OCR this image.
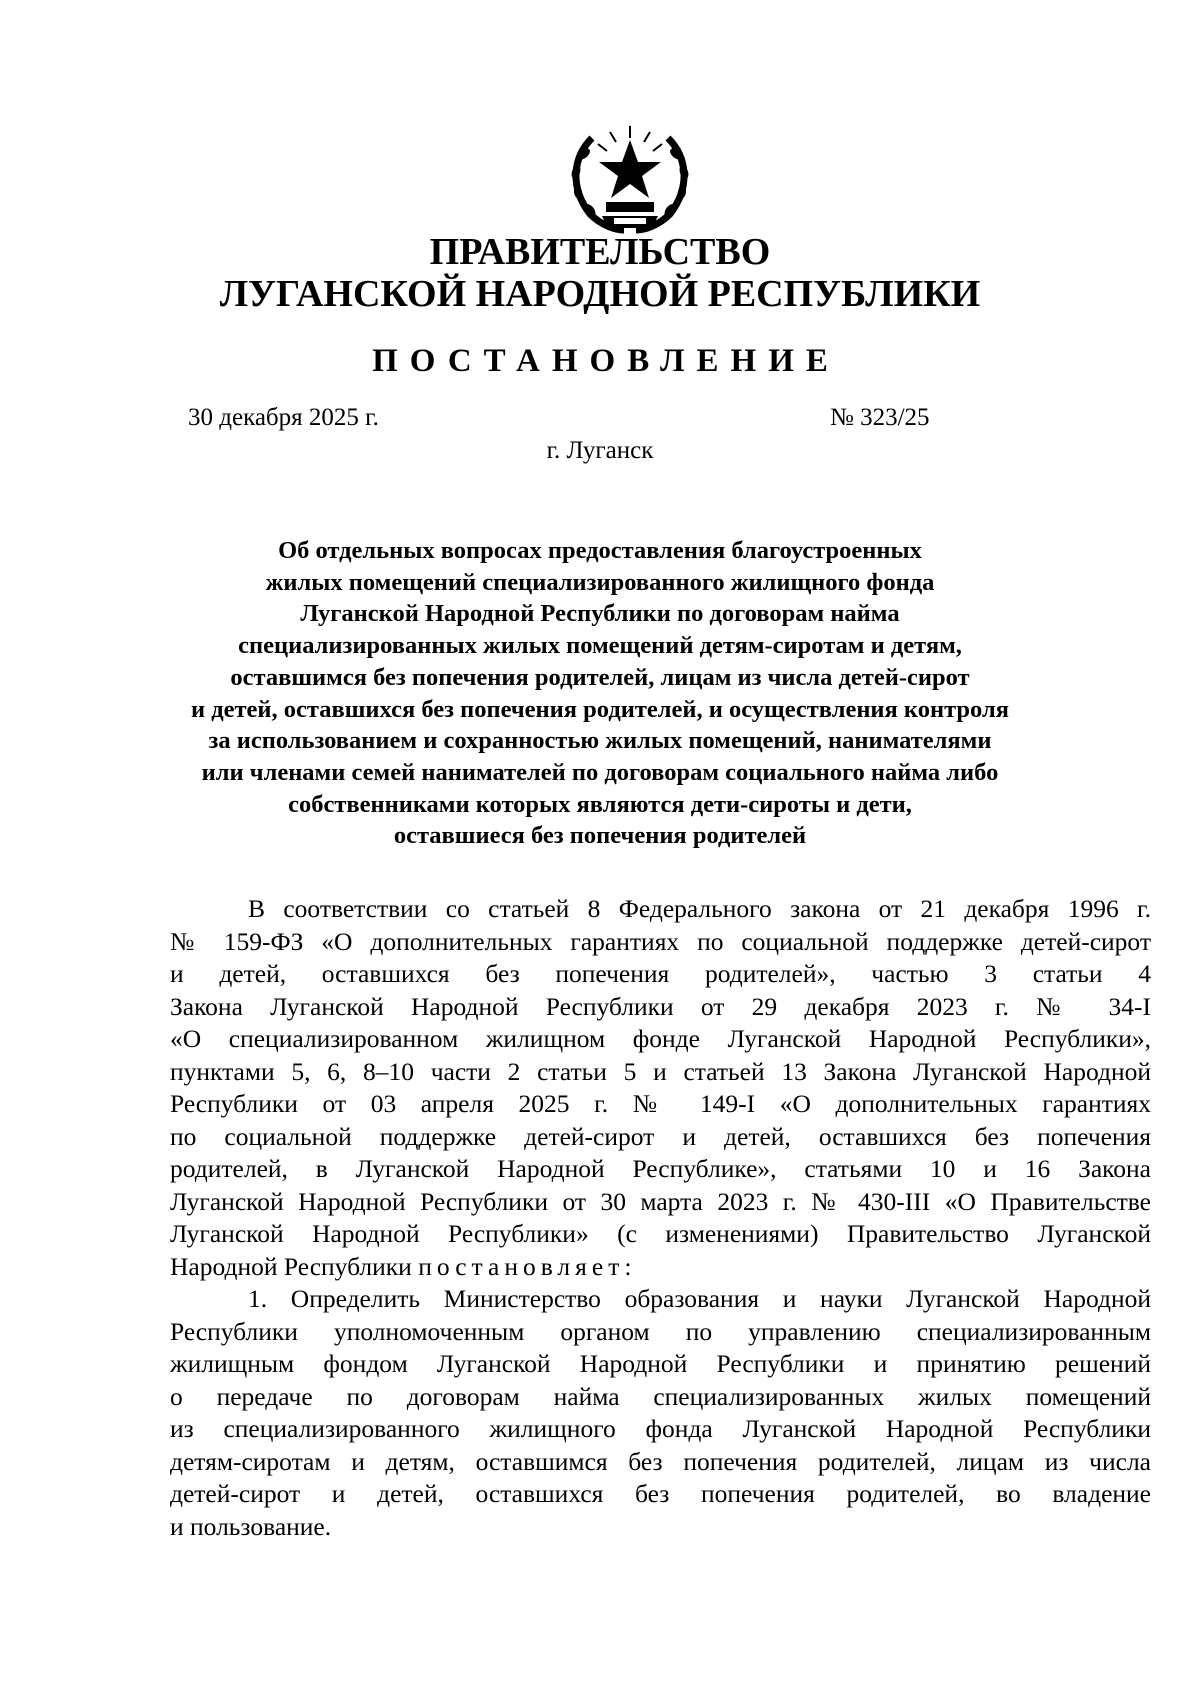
ПРАВИТЕЛЬСТВО
ЛУГАНСКОЙ НАРОДНОЙ РЕСПУБЛИКИ
ПОСТАНОВЛЕНИЕ
30 декабря 2025 г.	№ 323/25
г. Луганск
Об отдельных вопросах предоставления благоустроенных
жилых помещений специализированного жилищного фонда
Луганской Народной Республики по договорам найма
специализированных жилых помещений детям-сиротам и детям,
оставшимся без попечения родителей, лицам из числа детей-сирот
и детей, оставшихся без попечения родителей, и осуществления контроля
за использованием и сохранностью жилых помещений, нанимателями
или членами семей нанимателей по договорам социального найма либо
собственниками которых являются дети-сироты и дети,
оставшиеся без попечения родителей
В соответствии со статьей 8 Федерального закона от 21 декабря 1996 г.
№ 159-ФЗ «О дополнительных гарантиях по социальной поддержке детей-сирот
и детей, оставшихся без попечения родителей», частью 3 статьи 4
Закона Луганской Народной Республики от 29 декабря 2023 г. № 34-I
«О специализированном жилищном фонде Луганской Народной Республики»,
пунктами 5, 6, 8–10 части 2 статьи 5 и статьей 13 Закона Луганской Народной
Республики от 03 апреля 2025 г. № 149-I «О дополнительных гарантиях
по социальной поддержке детей-сирот и детей, оставшихся без попечения
родителей, в Луганской Народной Республике», статьями 10 и 16 Закона
Луганской Народной Республики от 30 марта 2023 г. № 430-III «О Правительстве
Луганской Народной Республики» (с изменениями) Правительство Луганской
Народной Республики постановляет:
1. Определить Министерство образования и науки Луганской Народной
Республики уполномоченным органом по управлению специализированным
жилищным фондом Луганской Народной Республики и принятию решений
о передаче по договорам найма специализированных жилых помещений
из специализированного жилищного фонда Луганской Народной Республики
детям-сиротам и детям, оставшимся без попечения родителей, лицам из числа
детей-сирот и детей, оставшихся без попечения родителей, во владение
и пользование.
